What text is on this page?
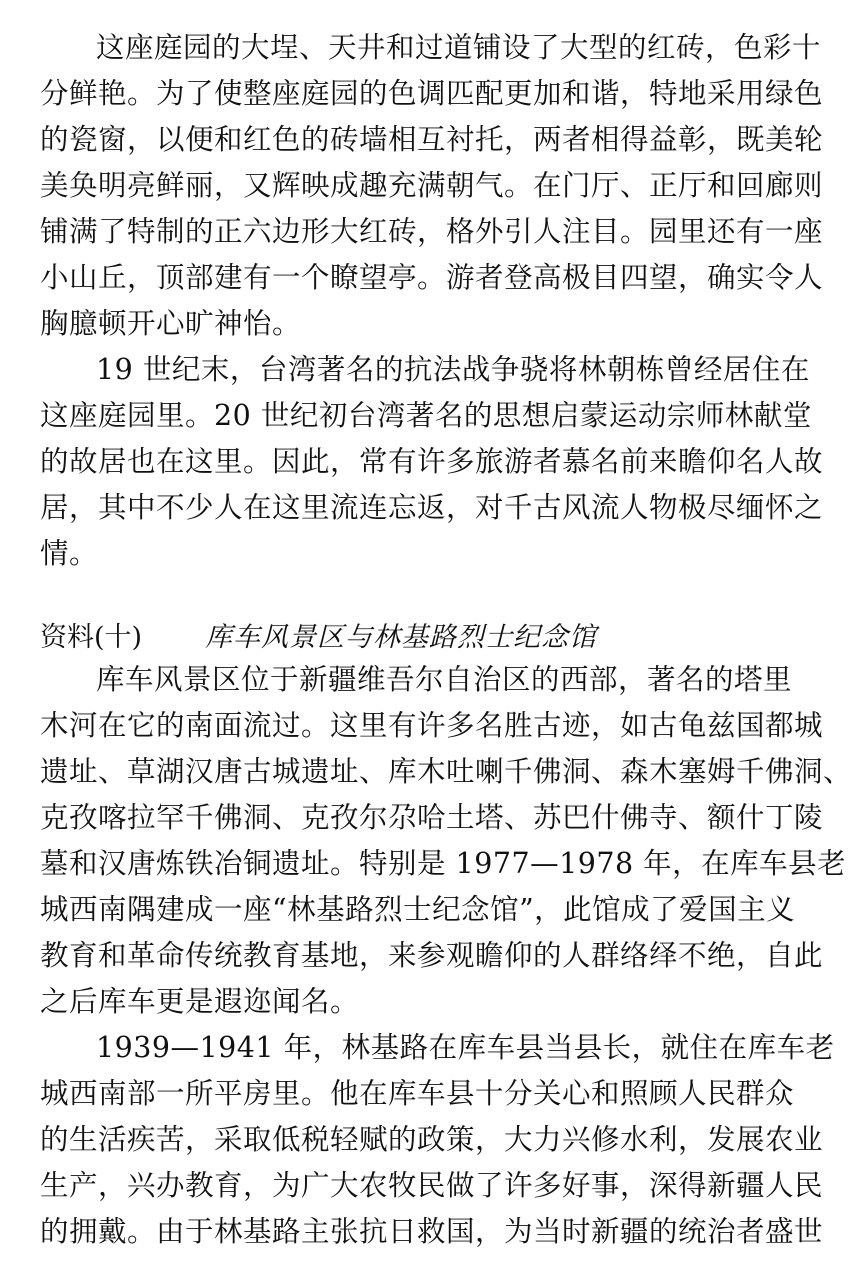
这座庭园的大埕、天井和过道铺设了大型的红砖，色彩十
分鲜艳。为了使整座庭园的色调匹配更加和谐，特地采用绿色
的瓷窗，以便和红色的砖墙相互衬托，两者相得益彰，既美轮
美奂明亮鲜丽，又辉映成趣充满朝气。在门厅、正厅和回廊则
铺满了特制的正六边形大红砖，格外引人注目。园里还有一座
小山丘，顶部建有一个瞭望亭。游者登高极目四望，确实令人
胸臆顿开心旷神怡。
19 世纪末，台湾著名的抗法战争骁将林朝栋曾经居住在
这座庭园里。20 世纪初台湾著名的思想启蒙运动宗师林献堂
的故居也在这里。因此，常有许多旅游者慕名前来瞻仰名人故
居，其中不少人在这里流连忘返，对千古风流人物极尽缅怀之
情。
资料(十) 库车风景区与林基路烈士纪念馆
库车风景区位于新疆维吾尔自治区的西部，著名的塔里
木河在它的南面流过。这里有许多名胜古迹，如古龟兹国都城
遗址、草湖汉唐古城遗址、库木吐喇千佛洞、森木塞姆千佛洞、
克孜喀拉罕千佛洞、克孜尔尕哈土塔、苏巴什佛寺、额什丁陵
墓和汉唐炼铁冶铜遗址。特别是 1977—1978 年，在库车县老
城西南隅建成一座“林基路烈士纪念馆”，此馆成了爱国主义
教育和革命传统教育基地，来参观瞻仰的人群络绎不绝，自此
之后库车更是遐迩闻名。
1939—1941 年，林基路在库车县当县长，就住在库车老
城西南部一所平房里。他在库车县十分关心和照顾人民群众
的生活疾苦，采取低税轻赋的政策，大力兴修水利，发展农业
生产，兴办教育，为广大农牧民做了许多好事，深得新疆人民
的拥戴。由于林基路主张抗日救国，为当时新疆的统治者盛世
